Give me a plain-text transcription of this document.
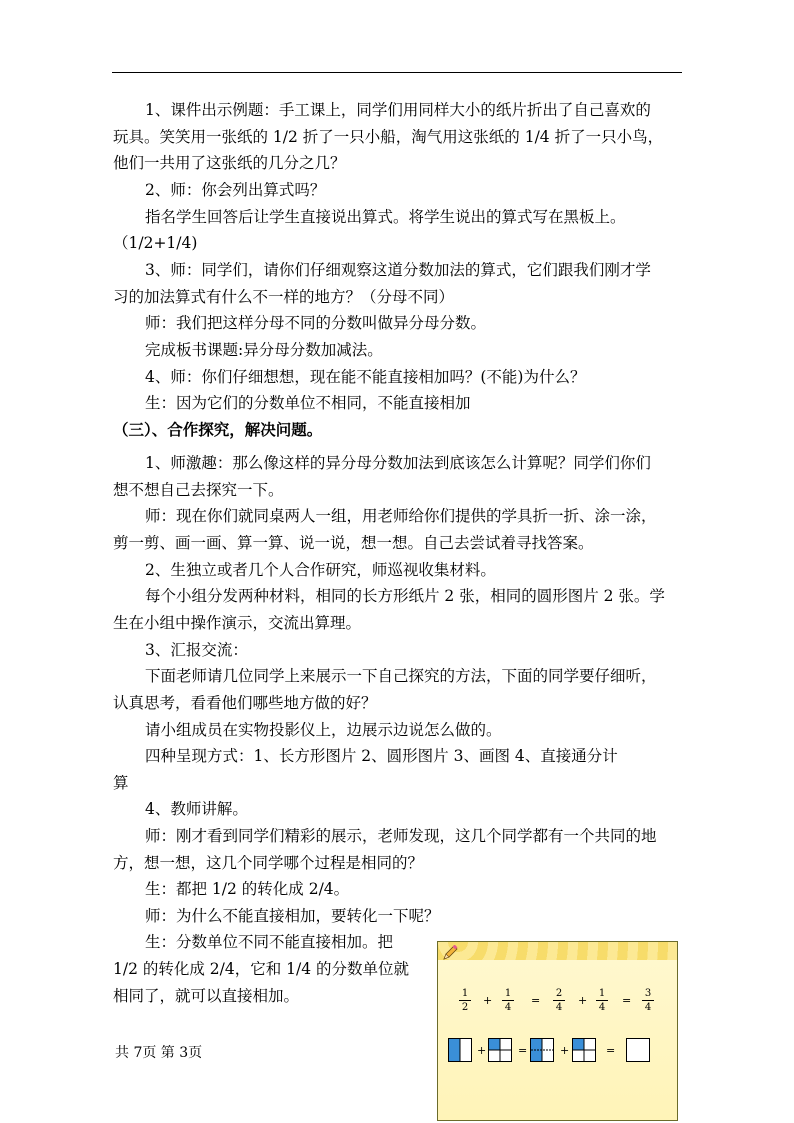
1、课件出示例题：手工课上，同学们用同样大小的纸片折出了自己喜欢的
玩具。笑笑用一张纸的 1/2 折了一只小船，淘气用这张纸的 1/4 折了一只小鸟，
他们一共用了这张纸的几分之几？
2、师：你会列出算式吗？
指名学生回答后让学生直接说出算式。将学生说出的算式写在黑板上。
（1/2+1/4)
3、师：同学们，请你们仔细观察这道分数加法的算式，它们跟我们刚才学
习的加法算式有什么不一样的地方？（分母不同）
师：我们把这样分母不同的分数叫做异分母分数。
完成板书课题:异分母分数加减法。
4、师：你们仔细想想，现在能不能直接相加吗？(不能)为什么？
生：因为它们的分数单位不相同，不能直接相加
（三）、合作探究，解决问题。
1、师激趣：那么像这样的异分母分数加法到底该怎么计算呢？同学们你们
想不想自己去探究一下。
师：现在你们就同桌两人一组，用老师给你们提供的学具折一折、涂一涂，
剪一剪、画一画、算一算、说一说，想一想。自己去尝试着寻找答案。
2、生独立或者几个人合作研究，师巡视收集材料。
每个小组分发两种材料，相同的长方形纸片 2 张，相同的圆形图片 2 张。学
生在小组中操作演示，交流出算理。
3、汇报交流：
下面老师请几位同学上来展示一下自己探究的方法，下面的同学要仔细听，
认真思考，看看他们哪些地方做的好？
请小组成员在实物投影仪上，边展示边说怎么做的。
四种呈现方式：1、长方形图片 2、圆形图片 3、画图 4、直接通分计
算
4、教师讲解。
师：刚才看到同学们精彩的展示，老师发现，这几个同学都有一个共同的地
方，想一想，这几个同学哪个过程是相同的？
生：都把 1/2 的转化成 2/4。
师：为什么不能直接相加，要转化一下呢？
生：分数单位不同不能直接相加。把
1/2 的转化成 2/4，它和 1/4 的分数单位就
相同了，就可以直接相加。
共 7页 第 3页
1
2
+
1
4
=
2
4
+
1
4
=
3
4
+	=	+	=
